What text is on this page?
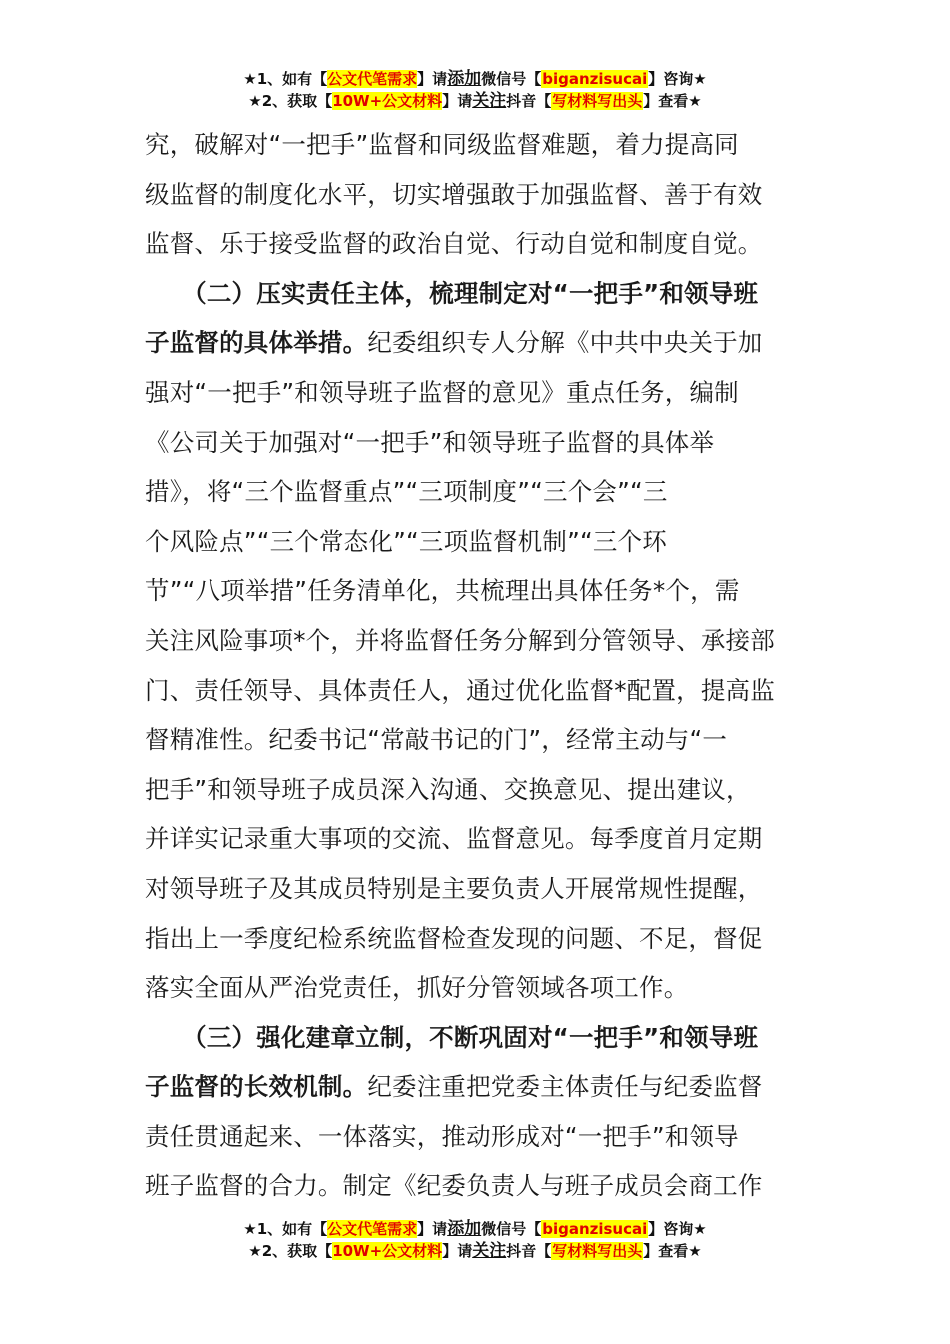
★1、如有【公文代笔需求】请添加微信号【biganzisucai】咨询★
★2、获取【10W+公文材料】请关注抖音【写材料写出头】查看★
究，破解对“一把手”监督和同级监督难题，着力提高同
级监督的制度化水平，切实增强敢于加强监督、善于有效
监督、乐于接受监督的政治自觉、行动自觉和制度自觉。
　　（二）压实责任主体，梳理制定对“一把手”和领导班
子监督的具体举措。纪委组织专人分解《中共中央关于加
强对“一把手”和领导班子监督的意见》重点任务，编制
《公司关于加强对“一把手”和领导班子监督的具体举
措》，将“三个监督重点”“三项制度”“三个会”“三
个风险点”“三个常态化”“三项监督机制”“三个环
节”“八项举措”任务清单化，共梳理出具体任务*个，需
关注风险事项*个，并将监督任务分解到分管领导、承接部
门、责任领导、具体责任人，通过优化监督*配置，提高监
督精准性。纪委书记“常敲书记的门”，经常主动与“一
把手”和领导班子成员深入沟通、交换意见、提出建议，
并详实记录重大事项的交流、监督意见。每季度首月定期
对领导班子及其成员特别是主要负责人开展常规性提醒，
指出上一季度纪检系统监督检查发现的问题、不足，督促
落实全面从严治党责任，抓好分管领域各项工作。
　　（三）强化建章立制，不断巩固对“一把手”和领导班
子监督的长效机制。纪委注重把党委主体责任与纪委监督
责任贯通起来、一体落实，推动形成对“一把手”和领导
班子监督的合力。制定《纪委负责人与班子成员会商工作
★1、如有【公文代笔需求】请添加微信号【biganzisucai】咨询★
★2、获取【10W+公文材料】请关注抖音【写材料写出头】查看★
